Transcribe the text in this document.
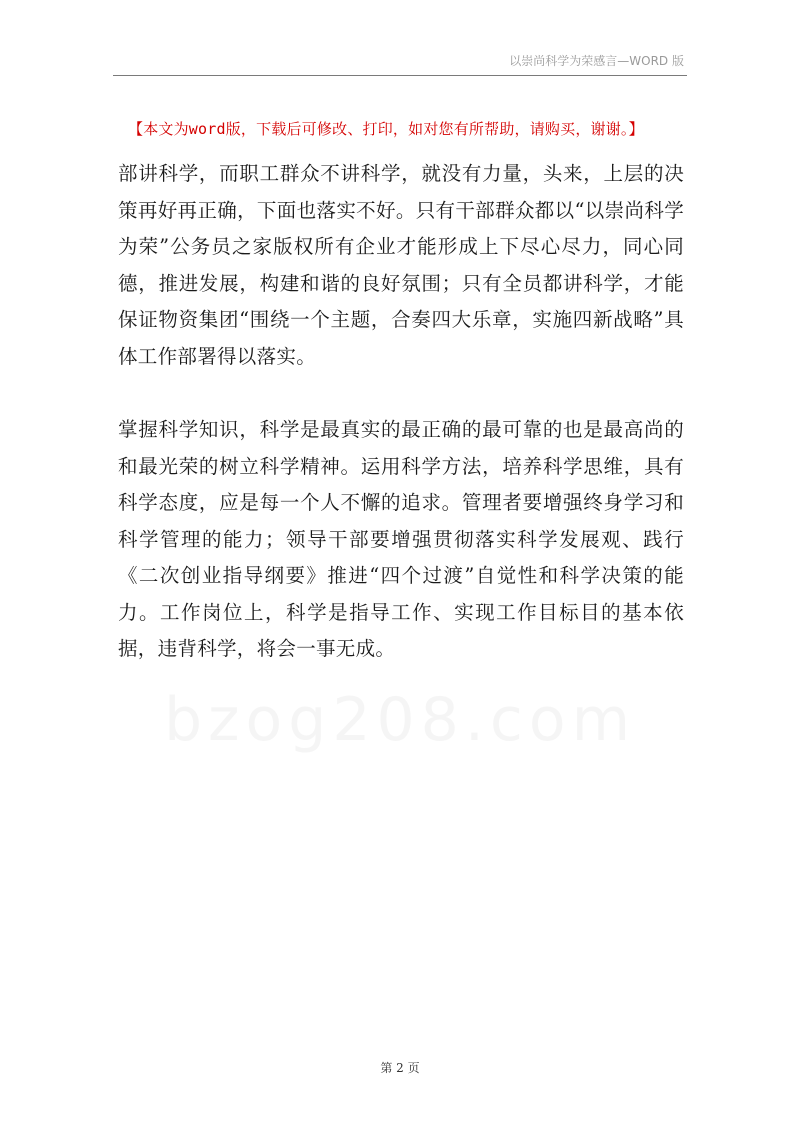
以崇尚科学为荣感言—WORD 版
【本文为word版，下载后可修改、打印，如对您有所帮助，请购买，谢谢。】
部讲科学，而职工群众不讲科学，就没有力量，头来，上层的决策再好再正确，下面也落实不好。只有干部群众都以“以崇尚科学为荣”公务员之家版权所有企业才能形成上下尽心尽力，同心同德，推进发展，构建和谐的良好氛围；只有全员都讲科学，才能保证物资集团“围绕一个主题，合奏四大乐章，实施四新战略”具体工作部署得以落实。
掌握科学知识，科学是最真实的最正确的最可靠的也是最高尚的和最光荣的树立科学精神。运用科学方法，培养科学思维，具有科学态度，应是每一个人不懈的追求。管理者要增强终身学习和科学管理的能力；领导干部要增强贯彻落实科学发展观、践行《二次创业指导纲要》推进“四个过渡”自觉性和科学决策的能力。工作岗位上，科学是指导工作、实现工作目标目的基本依据，违背科学，将会一事无成。
bzog208.com
第 2 页
